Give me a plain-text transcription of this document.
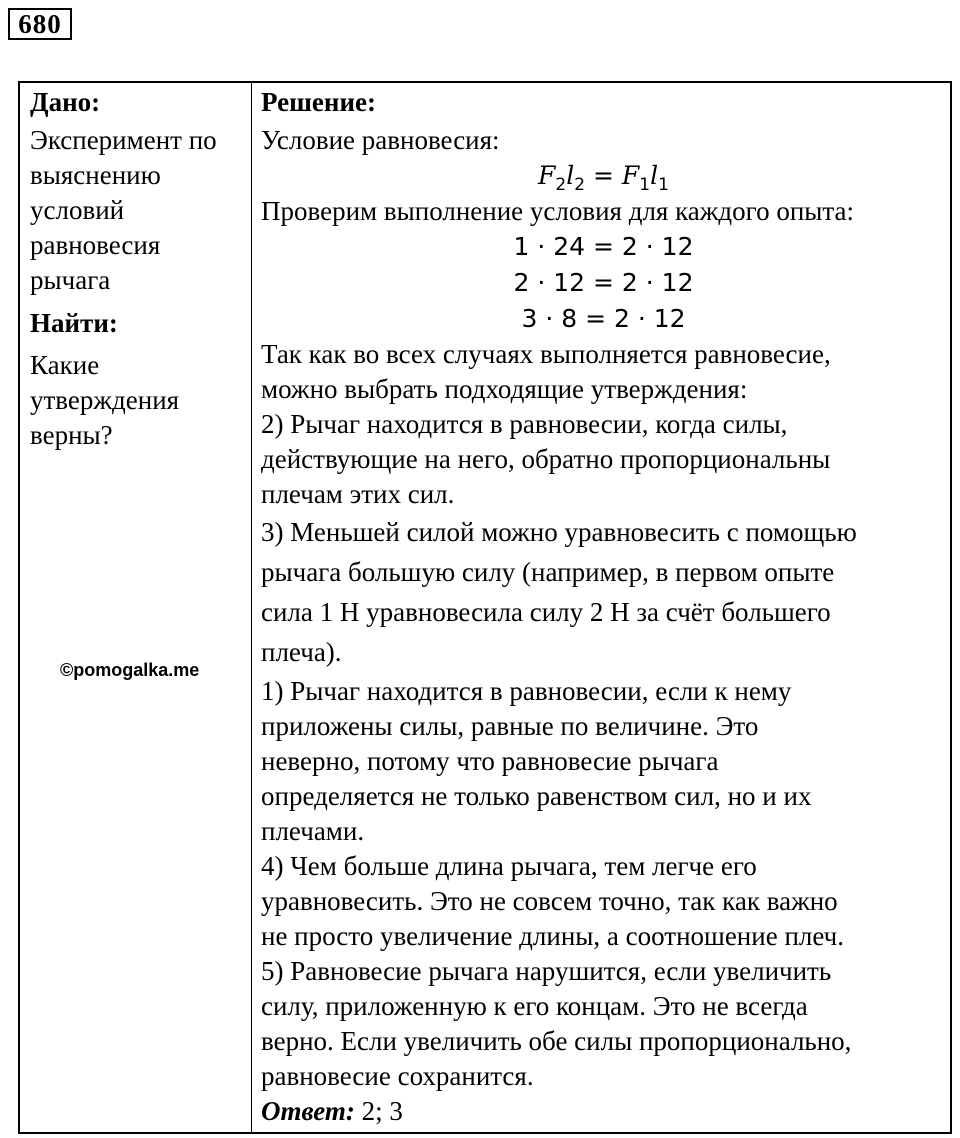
680
Дано:

Эксперимент по

выяснению

условий

равновесия

рычага

Найти:

Какие

утверждения

верны?

©pomogalka.me
Решение:

Условие равновесия:

$F_2l_2 = F_1l_1$

Проверим выполнение условия для каждого опыта:

1 · 24 = 2 · 12
2 · 12 = 2 · 12
3 · 8 = 2 · 12

Так как во всех случаях выполняется равновесие,

можно выбрать подходящие утверждения:

2) Рычаг находится в равновесии, когда силы,

действующие на него, обратно пропорциональны

плечам этих сил.

3) Меньшей силой можно уравновесить с помощью

рычага большую силу (например, в первом опыте

сила 1 Н уравновесила силу 2 Н за счёт большего

плеча).

1) Рычаг находится в равновесии, если к нему

приложены силы, равные по величине. Это

неверно, потому что равновесие рычага

определяется не только равенством сил, но и их

плечами.

4) Чем больше длина рычага, тем легче его

уравновесить. Это не совсем точно, так как важно

не просто увеличение длины, а соотношение плеч.

5) Равновесие рычага нарушится, если увеличить

силу, приложенную к его концам. Это не всегда

верно. Если увеличить обе силы пропорционально,

равновесие сохранится.

Ответ: 2; 3
